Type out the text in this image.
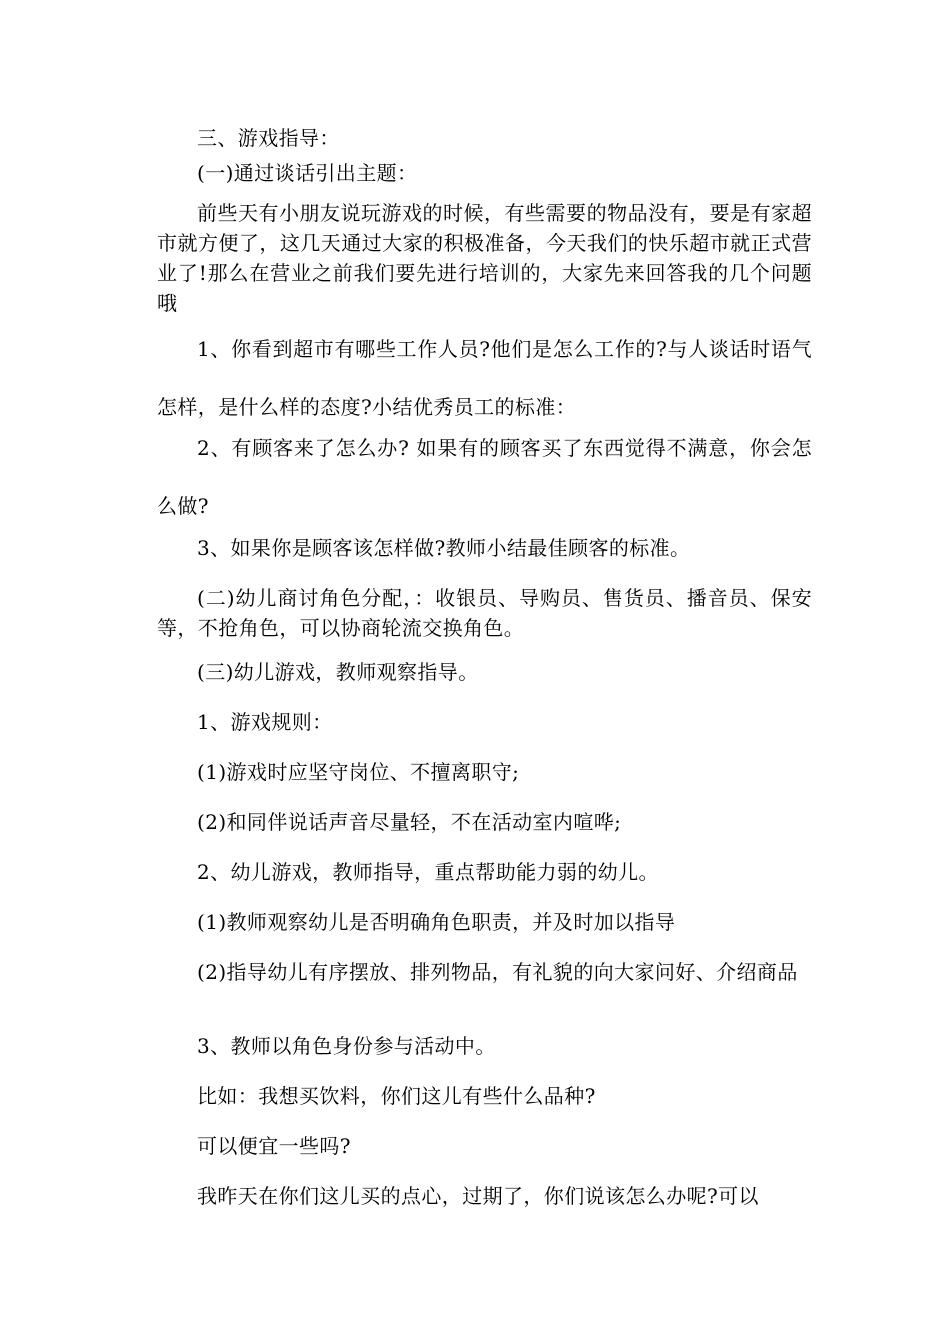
三、游戏指导：

(一)通过谈话引出主题：

前些天有小朋友说玩游戏的时候，有些需要的物品没有，要是有家超市就方便了，这几天通过大家的积极准备，今天我们的快乐超市就正式营业了!那么在营业之前我们要先进行培训的，大家先来回答我的几个问题哦

1、你看到超市有哪些工作人员?他们是怎么工作的?与人谈话时语气怎样，是什么样的态度?小结优秀员工的标准：

2、有顾客来了怎么办? 如果有的顾客买了东西觉得不满意，你会怎么做?

3、如果你是顾客该怎样做?教师小结最佳顾客的标准。

(二)幼儿商讨角色分配，：收银员、导购员、售货员、播音员、保安等，不抢角色，可以协商轮流交换角色。

(三)幼儿游戏，教师观察指导。

1、游戏规则：

(1)游戏时应坚守岗位、不擅离职守;

(2)和同伴说话声音尽量轻，不在活动室内喧哗;

2、幼儿游戏，教师指导，重点帮助能力弱的幼儿。

(1)教师观察幼儿是否明确角色职责，并及时加以指导

(2)指导幼儿有序摆放、排列物品，有礼貌的向大家问好、介绍商品

3、教师以角色身份参与活动中。

比如：我想买饮料，你们这儿有些什么品种?

可以便宜一些吗?

我昨天在你们这儿买的点心，过期了，你们说该怎么办呢?可以
